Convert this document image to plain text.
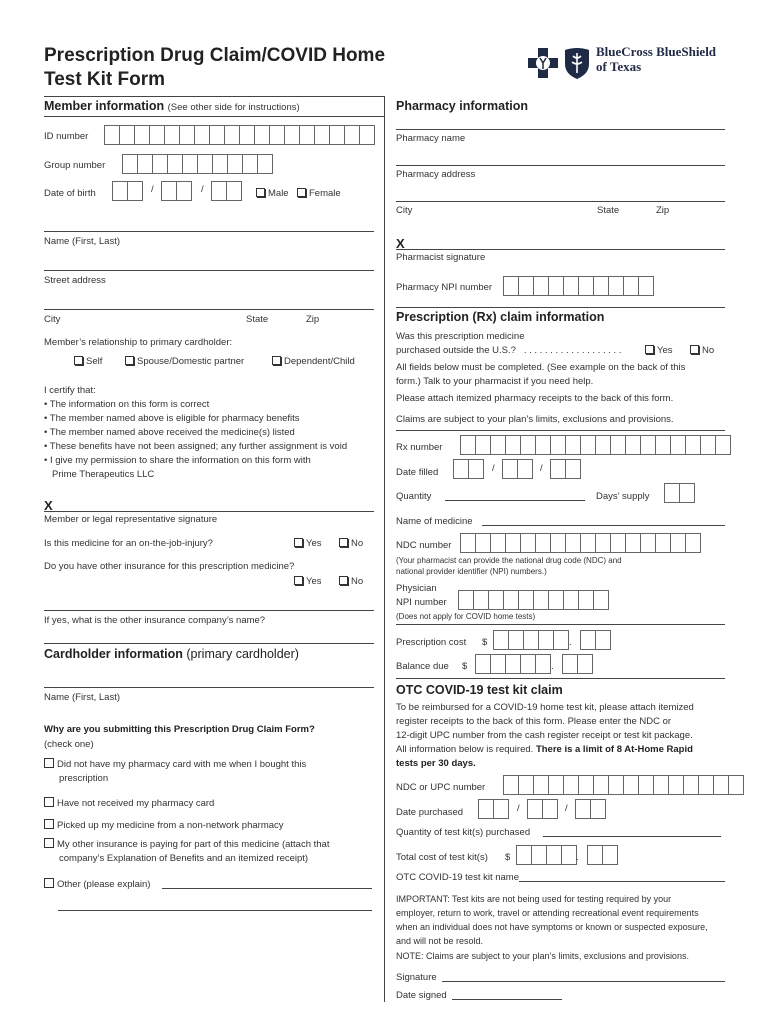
Prescription Drug Claim/COVID Home
Test Kit Form
BlueCross BlueShield
of Texas
Member information (See other side for instructions)
ID number
Group number
Date of birth	/	/	Male	Female
Name (First, Last)
Street address
City	State	Zip
Member’s relationship to primary cardholder:
Self	Spouse/Domestic partner	Dependent/Child
I certify that:
• The information on this form is correct
• The member named above is eligible for pharmacy benefits
• The member named above received the medicine(s) listed
• These benefits have not been assigned; any further assignment is void
• I give my permission to share the information on this form with
Prime Therapeutics LLC
X
Member or legal representative signature
Is this medicine for an on-the-job-injury?	Yes	No
Do you have other insurance for this prescription medicine?
Yes	No
If yes, what is the other insurance company’s name?
Cardholder information (primary cardholder)
Name (First, Last)
Why are you submitting this Prescription Drug Claim Form?
(check one)
Did not have my pharmacy card with me when I bought this
prescription
Have not received my pharmacy card
Picked up my medicine from a non-network pharmacy
My other insurance is paying for part of this medicine (attach that
company’s Explanation of Benefits and an itemized receipt)
Other (please explain)
Pharmacy information
Pharmacy name
Pharmacy address
City	State	Zip
X
Pharmacist signature
Pharmacy NPI number
Prescription (Rx) claim information
Was this prescription medicine
purchased outside the U.S.? . . . . . . . . . . . . . . . . . . .	Yes	No
All fields below must be completed. (See example on the back of this
form.) Talk to your pharmacist if you need help.
Please attach itemized pharmacy receipts to the back of this form.
Claims are subject to your plan’s limits, exclusions and provisions.
Rx number
Date filled	/	/
Quantity	Days’ supply
Name of medicine
NDC number
(Your pharmacist can provide the national drug code (NDC) and
national provider identifier (NPI) numbers.)
Physician
NPI number
(Does not apply for COVID home tests)
Prescription cost $	.
Balance due $	.
OTC COVID-19 test kit claim
To be reimbursed for a COVID-19 home test kit, please attach itemized
register receipts to the back of this form. Please enter the NDC or
12-digit UPC number from the cash register receipt or test kit package.
All information below is required. There is a limit of 8 At-Home Rapid
tests per 30 days.
NDC or UPC number
Date purchased	/	/
Quantity of test kit(s) purchased
Total cost of test kit(s) $	.
OTC COVID-19 test kit name
IMPORTANT: Test kits are not being used for testing required by your
employer, return to work, travel or attending recreational event requirements
when an individual does not have symptoms or known or suspected exposure,
and will not be resold.
NOTE: Claims are subject to your plan’s limits, exclusions and provisions.
Signature
Date signed
